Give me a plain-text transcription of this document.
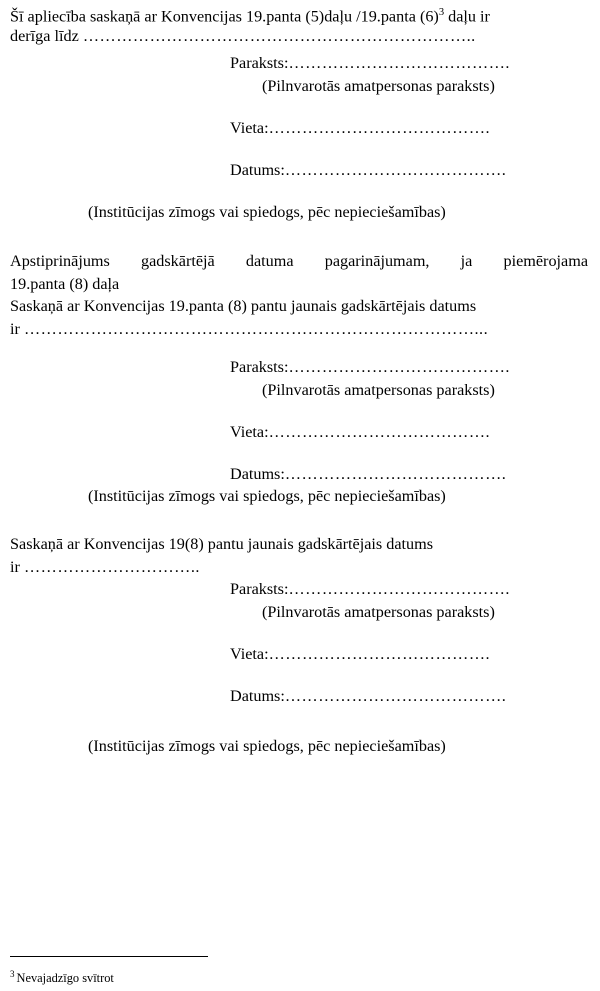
Šī apliecība saskaņā ar Konvencijas 19.panta (5)daļu /19.panta (6)$^3$ daļu ir
derīga līdz ……………………………………………………………..
Paraksts:………………………………….
(Pilnvarotās amatpersonas paraksts)
Vieta:………………………………….
Datums:………………………………….
(Institūcijas zīmogs vai spiedogs, pēc nepieciešamības)
Apstiprinājums gadskārtējā datuma pagarinājumam, ja piemērojama
19.panta (8) daļa
Saskaņā ar Konvencijas 19.panta (8) pantu jaunais gadskārtējais datums
ir ………………………………………………………………………...
Paraksts:………………………………….
(Pilnvarotās amatpersonas paraksts)
Vieta:………………………………….
Datums:………………………………….
(Institūcijas zīmogs vai spiedogs, pēc nepieciešamības)
Saskaņā ar Konvencijas 19(8) pantu jaunais gadskārtējais datums
ir …………………………..
Paraksts:………………………………….
(Pilnvarotās amatpersonas paraksts)
Vieta:………………………………….
Datums:………………………………….
(Institūcijas zīmogs vai spiedogs, pēc nepieciešamības)
$^3$ Nevajadzīgo svītrot
